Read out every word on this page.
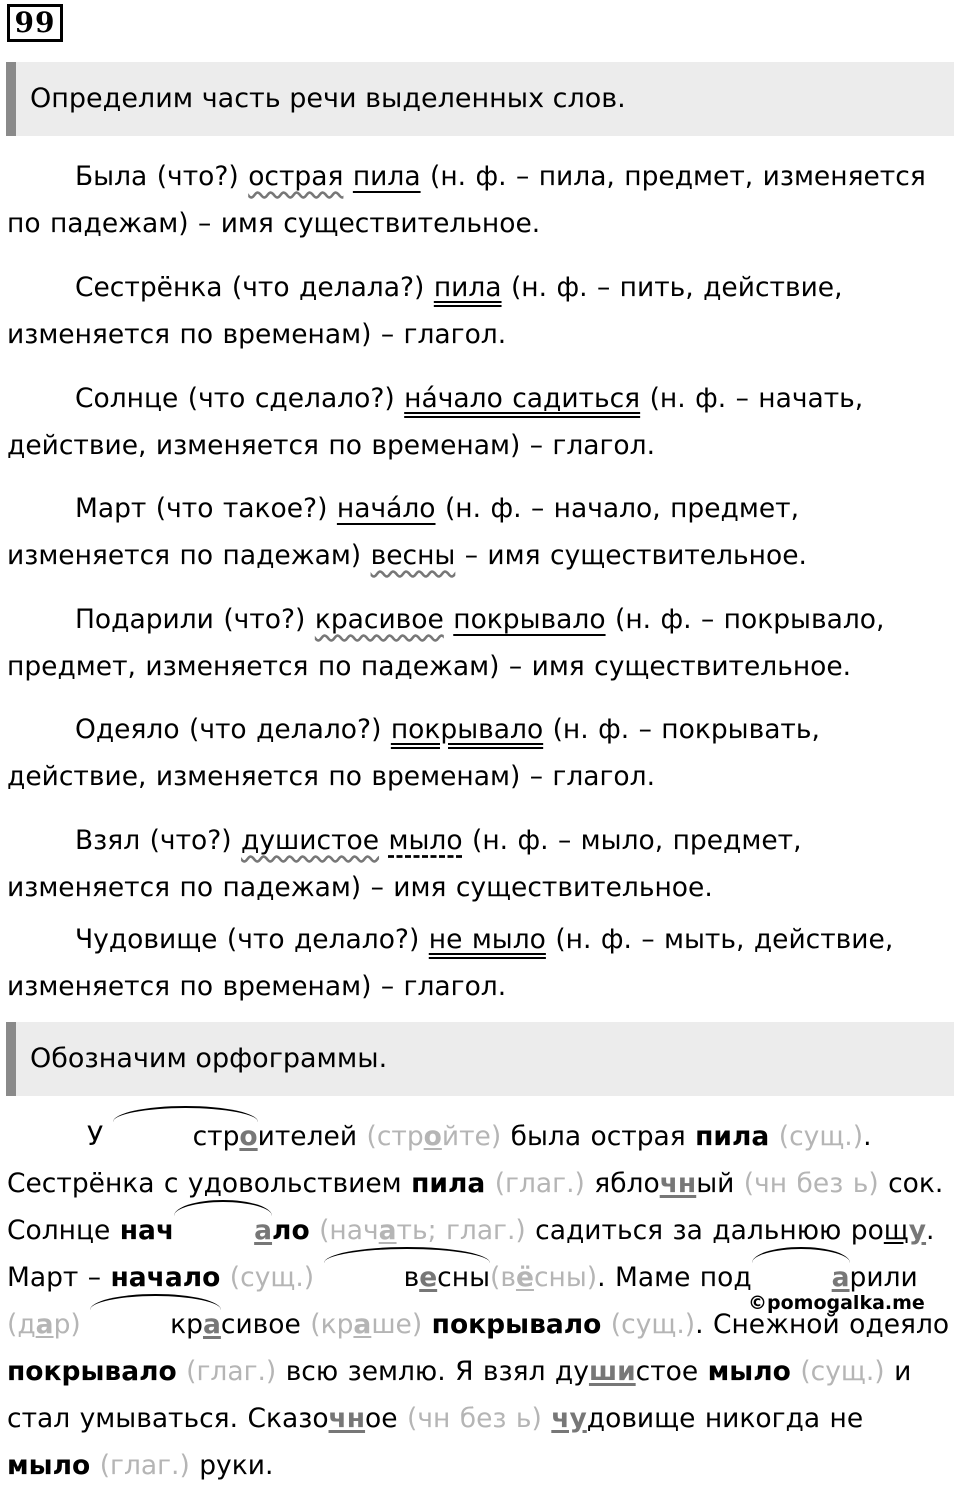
99
Определим часть речи выделенных слов.

Была (что?) острая пила (н. ф. – пила, предмет, изменяется по падежам) – имя существительное.

Сестрёнка (что делала?) пила (н. ф. – пить, действие, изменяется по временам) – глагол.

Солнце (что сделало?) на́чало садиться (н. ф. – начать, действие, изменяется по временам) – глагол.

Март (что такое?) нача́ло (н. ф. – начало, предмет, изменяется по падежам) весны – имя существительное.

Подарили (что?) красивое покрывало (н. ф. – покрывало, предмет, изменяется по падежам) – имя существительное.

Одеяло (что делало?) покрывало (н. ф. – покрывать, действие, изменяется по временам) – глагол.

Взял (что?) душистое мыло (н. ф. – мыло, предмет, изменяется по падежам) – имя существительное.

Чудовище (что делало?) не мыло (н. ф. – мыть, действие, изменяется по временам) – глагол.

Обозначим орфограммы.

У	строителей (стройте) была острая пила (сущ.). Сестрёнка с удовольствием пила (глаг.) яблочный (чн без ь) сок. Солнце нач	ало (начать; глаг.) садиться за дальнюю рощу. Март – начало (сущ.)	весны(вёсны). Маме под	арили (дар)	красивое (краше) покрывало (сущ.). Снежной одеяло покрывало (глаг.) всю землю. Я взял душистое мыло (сущ.) и стал умываться. Сказочное (чн без ь) чудовище никогда не мыло (глаг.) руки.

©pomogalka.me
